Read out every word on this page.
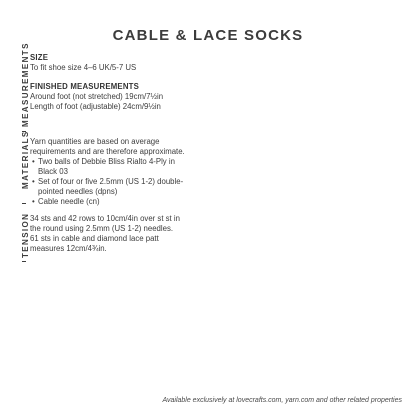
CABLE & LACE SOCKS
MEASUREMENTS SIZE
To fit shoe size 4–6 UK/5-7 US
FINISHED MEASUREMENTS
Around foot (not stretched) 19cm/7½in
Length of foot (adjustable) 24cm/9½in
MATERIALS Yarn quantities are based on average
requirements and are therefore approximate.
• Two balls of Debbie Bliss Rialto 4-Ply in
Black 03
• Set of four or five 2.5mm (US 1-2) double-
pointed needles (dpns)
• Cable needle (cn)
TENSION 34 sts and 42 rows to 10cm/4in over st st in
the round using 2.5mm (US 1-2) needles.
61 sts in cable and diamond lace patt
measures 12cm/4¾in.
Available exclusively at lovecrafts.com, yarn.com and other related properties
